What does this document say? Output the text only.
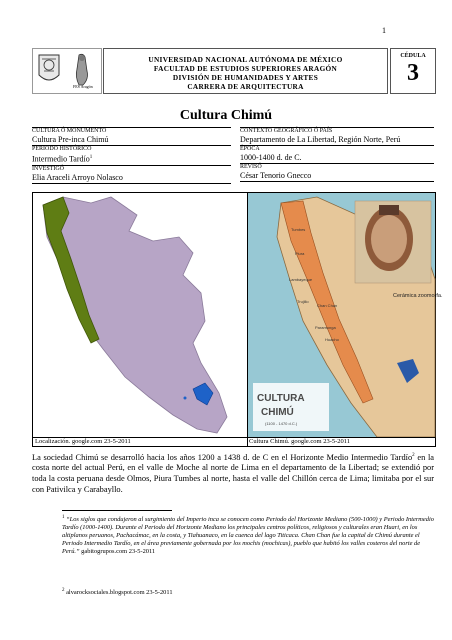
1
FES Aragón
UNIVERSIDAD NACIONAL AUTÓNOMA DE MÉXICO
FACULTAD DE ESTUDIOS SUPERIORES ARAGÓN
DIVISIÓN DE HUMANIDADES Y ARTES
CARRERA DE ARQUITECTURA
CÉDULA
3
Cultura Chimú
CULTURA Ó MONUMENTO
Cultura Pre-inca Chimú
PERIODO HISTÓRICO
Intermedio Tardío$^1$
INVESTIGÓ
Elia Araceli Arroyo Nolasco
CONTEXTO GEOGRÁFICO Ó PAÍS
Departamento de La Libertad, Región Norte, Perú
ÉPOCA
1000-1400 d. de C.
REVISÓ
César Tenorio Gnecco
Cerámica zoomorfa.
Tumbes
Piura
Lambayeque
Trujillo
Chan Chan
Paramonga
Huacho
CULTURA
CHIMÚ
(1100 - 1470 d.C.)
Localización. google.com 23-5-2011	Cultura Chimú. google.com 23-5-2011
La sociedad Chimú se desarrolló hacia los años 1200 a 1438 d. de C en el Horizonte Medio Intermedio Tardío$^2$ en la costa norte del actual Perú, en el valle de Moche al norte de Lima en el departamento de la Libertad; se extendió por toda la costa peruana desde Olmos, Piura Tumbes al norte, hasta el valle del Chillón cerca de Lima; limitaba por el sur con Pativilca y Carabayllo.
$^1$ “Los siglos que condujeron al surgimiento del Imperio inca se conocen como Periodo del Horizonte Mediano (500-1000) y Periodo Intermedio Tardío (1000-1400). Durante el Periodo del Horizonte Mediano los principales centros políticos, religiosos y culturales eran Huari, en los altiplanos peruanos, Pachacámac, en la costa, y Tiahuanaco, en la cuenca del lago Titicaca. Chan Chan fue la capital de Chimú durante el Periodo Intermedio Tardío, en el área previamente gobernada por los mochis (mochicas), pueblo que habitó los valles costeros del norte de Perú.” gabitogrupos.com 23-5-2011
$^2$ alvarocksociales.blogspot.com 23-5-2011
